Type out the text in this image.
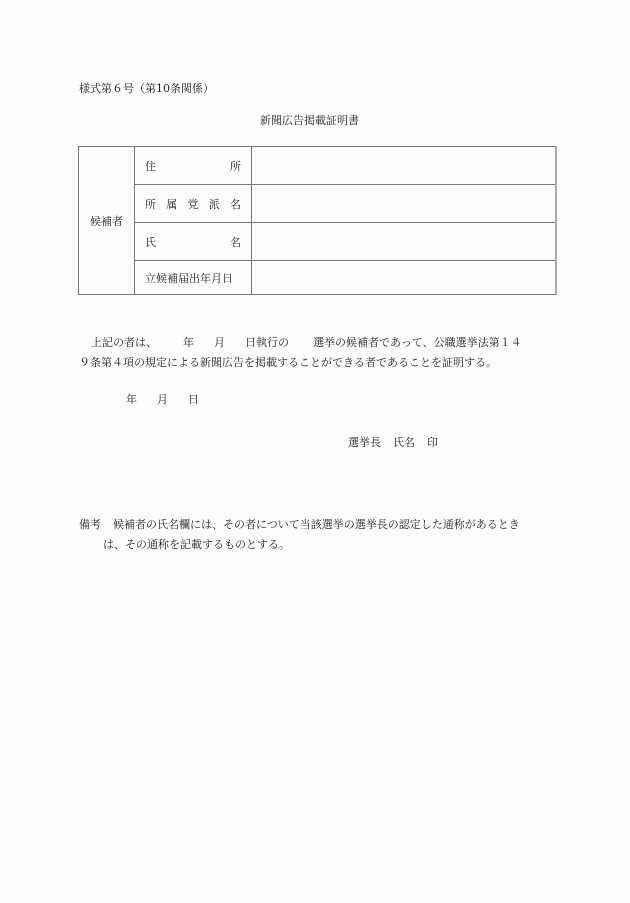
様式第６号（第10条関係）
新聞広告掲載証明書
候補者	住 所	

	所 属 党 派 名	

	氏 名	

	立候補届出年月日	
上記の者は、 年 月 日執行の 選挙の候補者であって、公職選挙法第１４
９条第４項の規定による新聞広告を掲載することができる者であることを証明する。
年 月 日
選挙長 氏名 印
備考 候補者の氏名欄には、その者について当該選挙の選挙長の認定した通称があるとき
は、その通称を記載するものとする。
